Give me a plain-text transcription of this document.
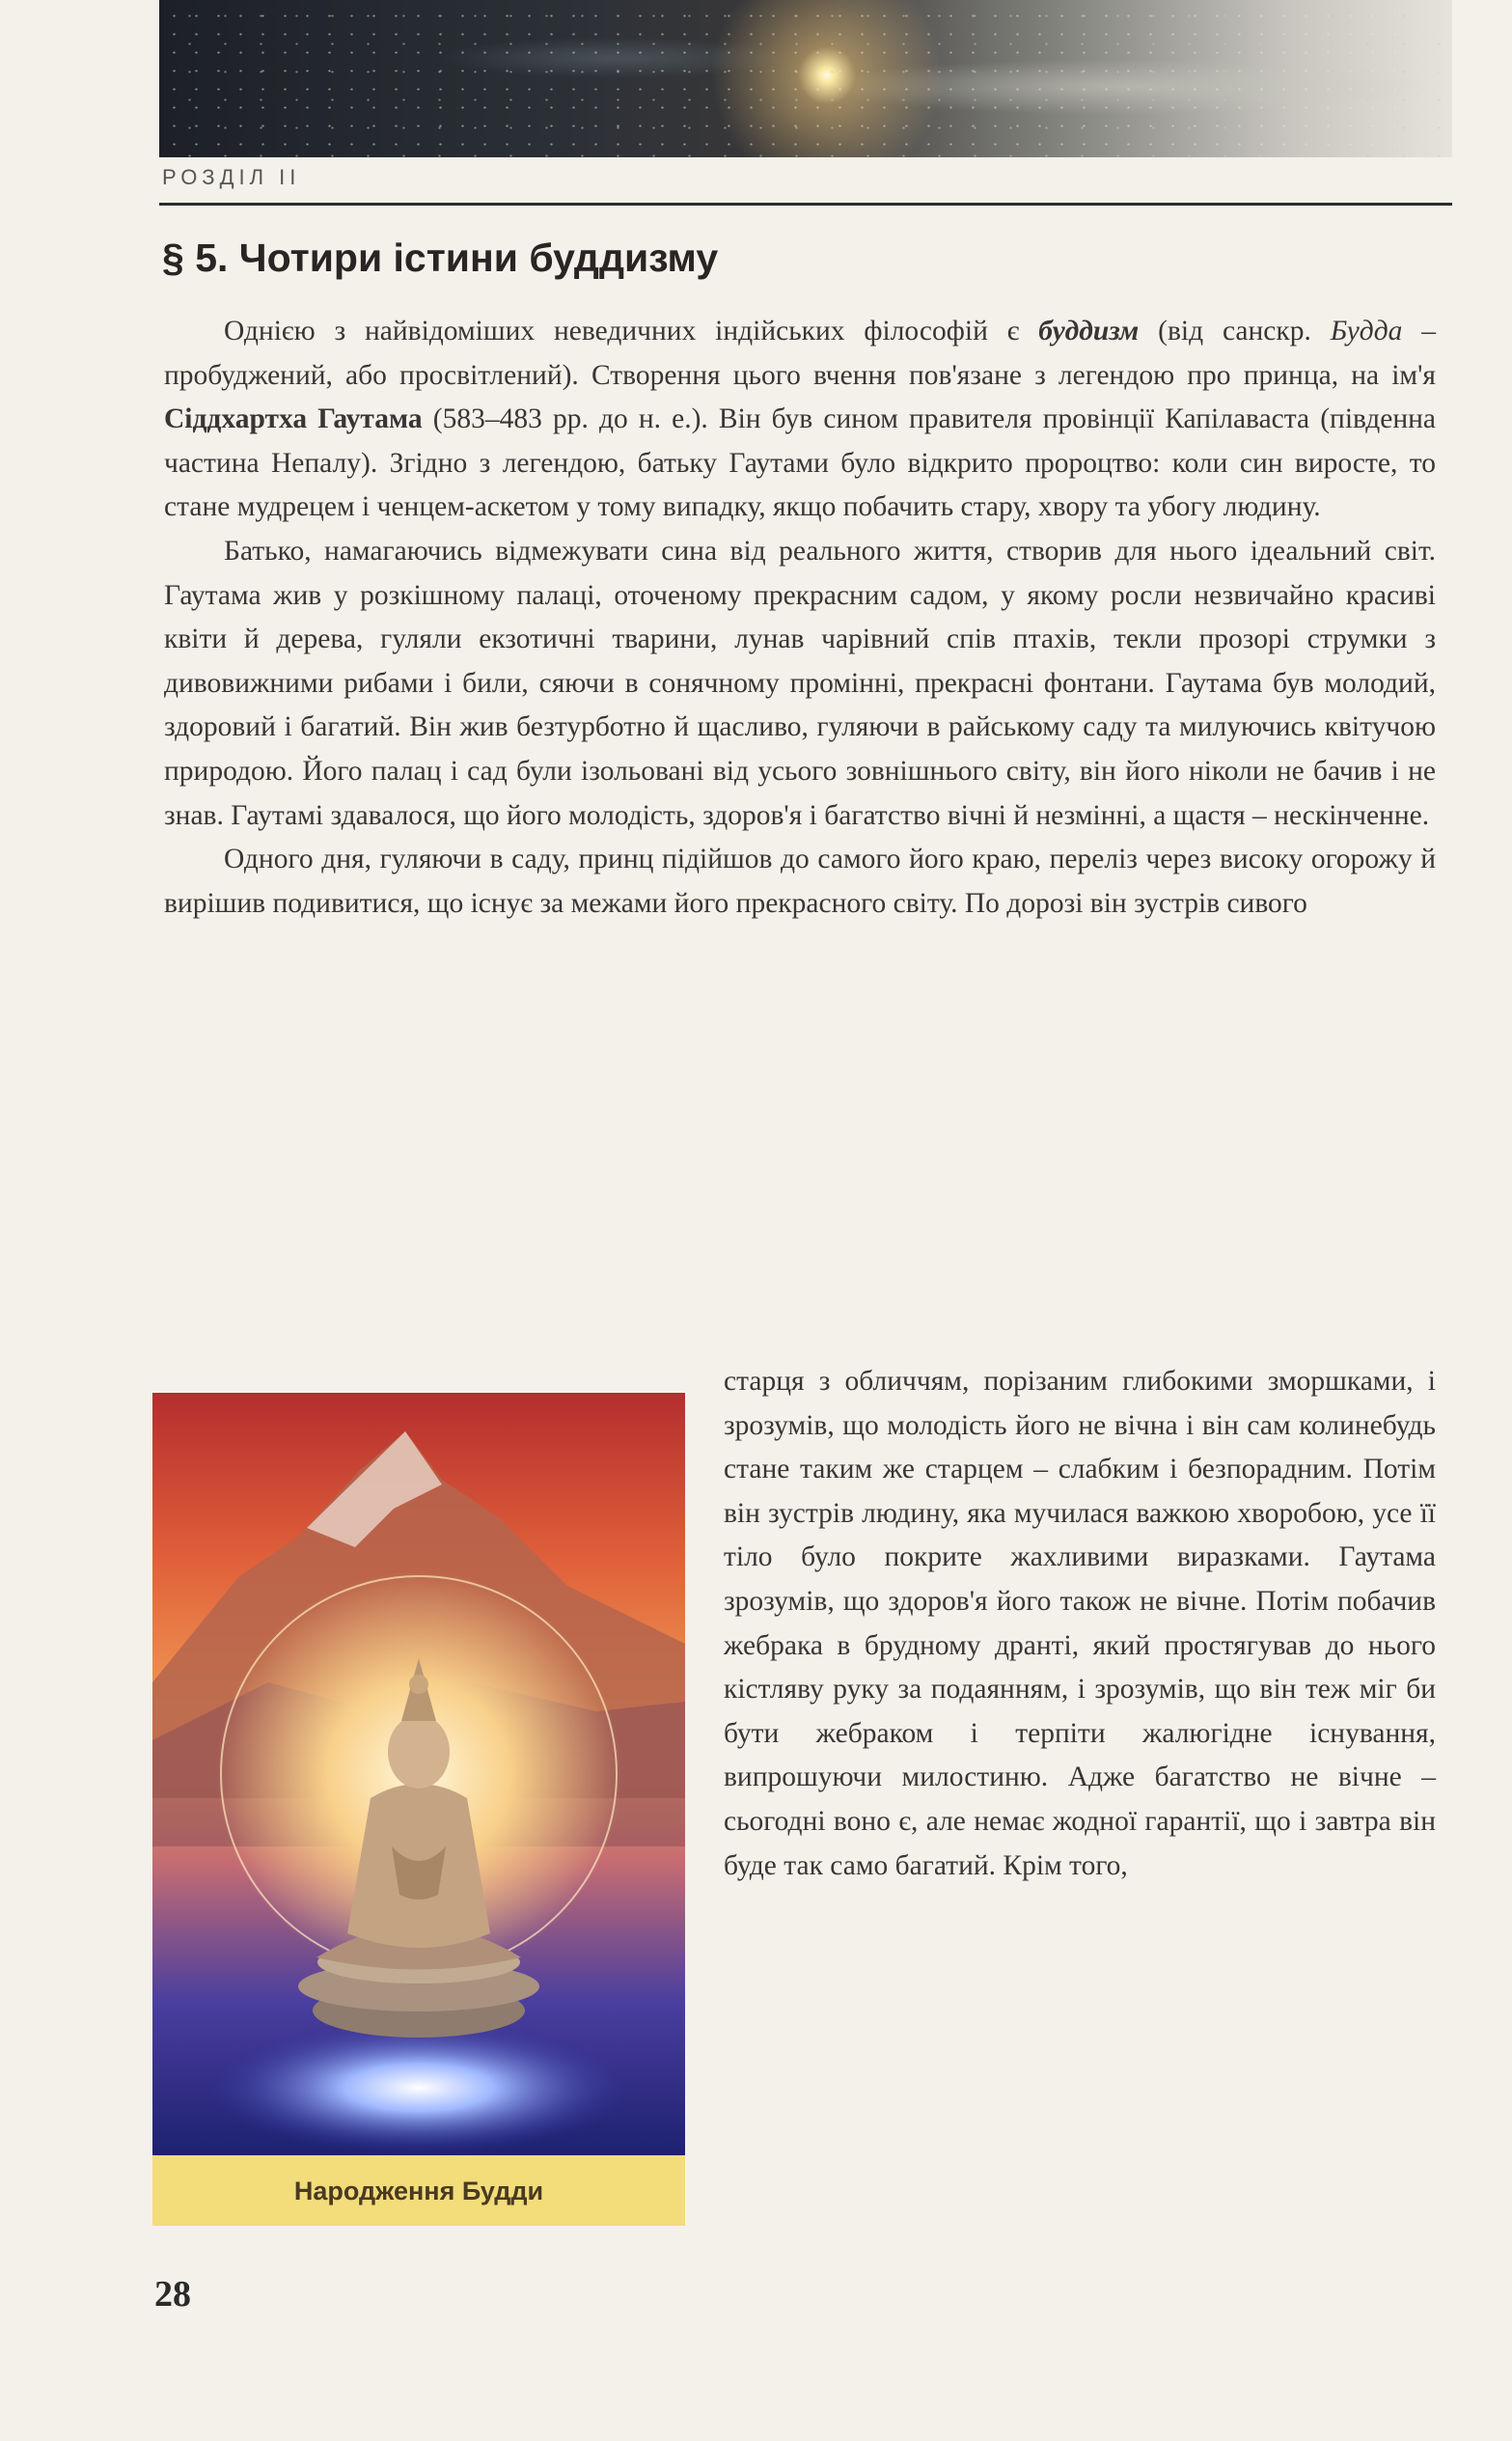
РОЗДІЛ II
§ 5. Чотири істини буддизму

Однією з найвідоміших неведичних індійських філософій є буддизм (від санскр. Будда – пробуджений, або просвітлений). Створення цього вчення пов'язане з легендою про принца, на ім'я Сіддхартха Гаутама (583–483 рр. до н. е.). Він був сином правителя провінції Капілаваста (південна частина Непалу). Згідно з легендою, батьку Гаутами було відкрито пророцтво: коли син виросте, то стане мудрецем і ченцем-аскетом у тому випадку, якщо побачить стару, хвору та убогу людину.

Батько, намагаючись відмежувати сина від реального життя, створив для нього ідеальний світ. Гаутама жив у розкішному палаці, оточеному прекрасним садом, у якому росли незвичайно красиві квіти й дерева, гуляли екзотичні тварини, лунав чарівний спів птахів, текли прозорі струмки з дивовижними рибами і били, сяючи в сонячному промінні, прекрасні фонтани. Гаутама був молодий, здоровий і багатий. Він жив безтурботно й щасливо, гуляючи в райському саду та милуючись квітучою природою. Його палац і сад були ізольовані від усього зовнішнього світу, він його ніколи не бачив і не знав. Гаутамі здавалося, що його молодість, здоров'я і багатство вічні й незмінні, а щастя – нескінченне.

Одного дня, гуляючи в саду, принц підійшов до самого його краю, переліз через високу огорожу й вирішив подивитися, що існує за межами його прекрасного світу. По дорозі він зустрів сивого

Народження Будди

старця з обличчям, порізаним глибокими зморшками, і зрозумів, що молодість його не вічна і він сам колинебудь стане таким же старцем – слабким і безпорадним. Потім він зустрів людину, яка мучилася важкою хворобою, усе її тіло було покрите жахливими виразками. Гаутама зрозумів, що здоров'я його також не вічне. Потім побачив жебрака в брудному дранті, який простягував до нього кістляву руку за подаянням, і зрозумів, що він теж міг би бути жебраком і терпіти жалюгідне існування, випрошуючи милостиню. Адже багатство не вічне – сьогодні воно є, але немає жодної гарантії, що і завтра він буде так само багатий. Крім того,

28
